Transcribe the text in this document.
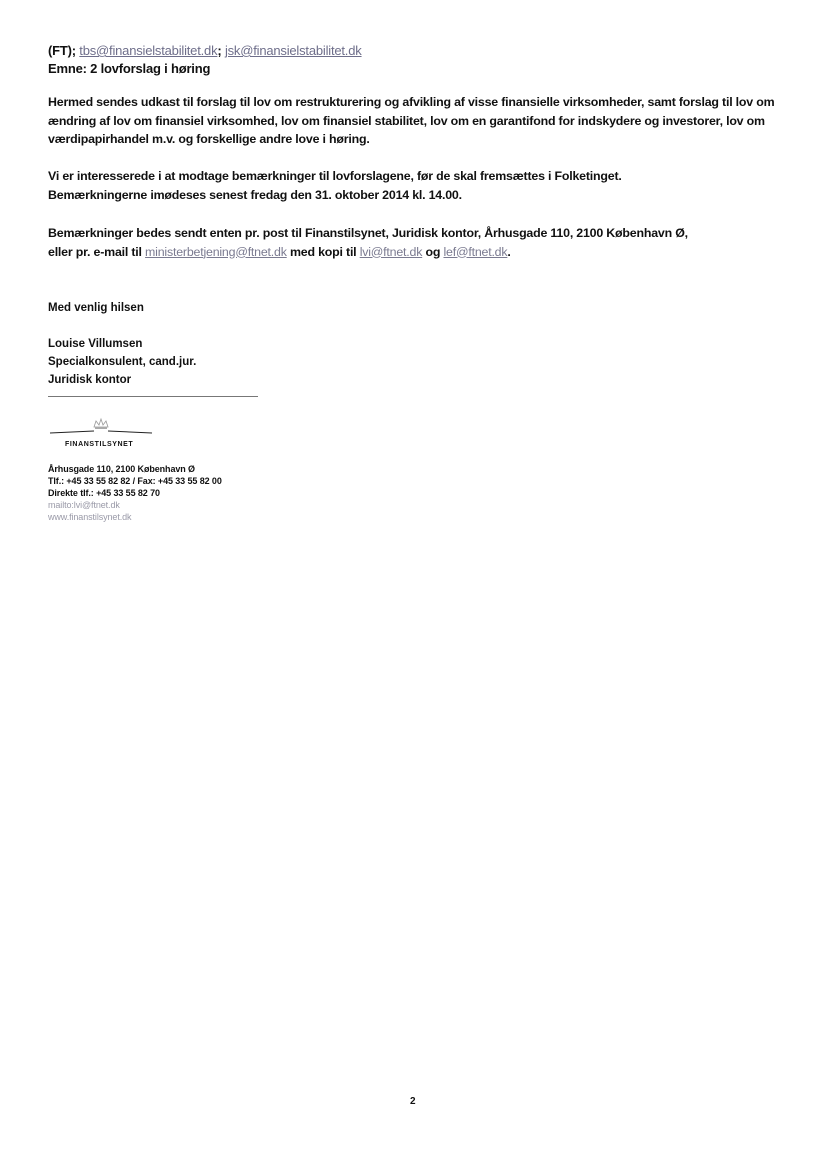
(FT); tbs@finansielstabilitet.dk; jsk@finansielstabilitet.dk
Emne: 2 lovforslag i høring
Hermed sendes udkast til forslag til lov om restrukturering og afvikling af visse finansielle virksomheder, samt forslag til lov om ændring af lov om finansiel virksomhed, lov om finansiel stabilitet, lov om en garantifond for indskydere og investorer, lov om værdipapirhandel m.v. og forskellige andre love i høring.
Vi er interesserede i at modtage bemærkninger til lovforslagene, før de skal fremsættes i Folketinget.
Bemærkningerne imødeses senest fredag den 31. oktober 2014 kl. 14.00.
Bemærkninger bedes sendt enten pr. post til Finanstilsynet, Juridisk kontor, Århusgade 110, 2100 København Ø,
eller pr. e-mail til ministerbetjening@ftnet.dk med kopi til lvi@ftnet.dk og lef@ftnet.dk.
Med venlig hilsen
Louise Villumsen
Specialkonsulent, cand.jur.
Juridisk kontor
FINANSTILSYNET
Århusgade 110, 2100 København Ø
Tlf.: +45 33 55 82 82 / Fax: +45 33 55 82 00
Direkte tlf.: +45 33 55 82 70
mailto:lvi@ftnet.dk
www.finanstilsynet.dk
2
